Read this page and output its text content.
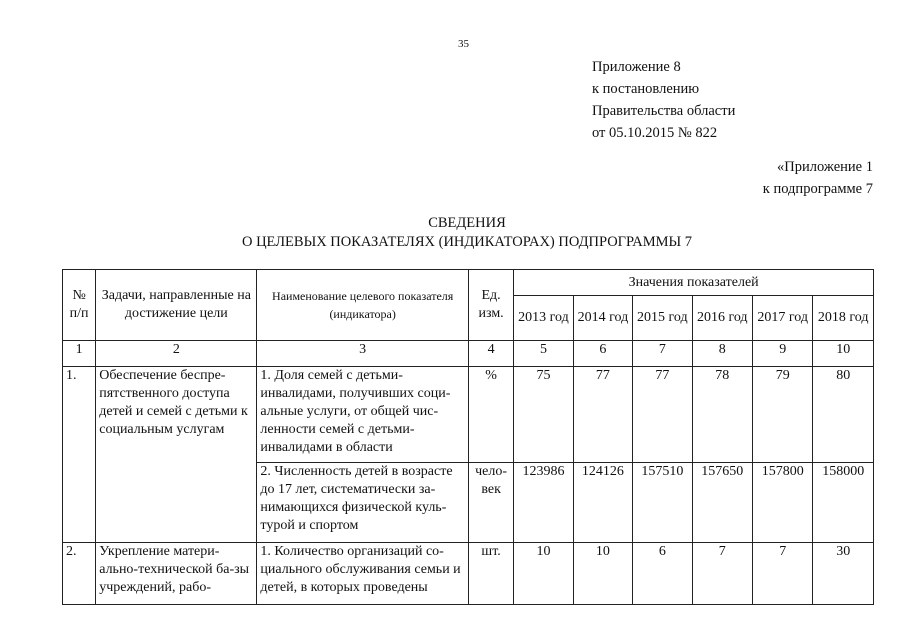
35
Приложение 8
к постановлению
Правительства области
от 05.10.2015 № 822
«Приложение 1
к подпрограмме 7
СВЕДЕНИЯ
О ЦЕЛЕВЫХ ПОКАЗАТЕЛЯХ (ИНДИКАТОРАХ) ПОДПРОГРАММЫ 7
№ п/п	Задачи, направленные на достижение цели	Наименование целевого показателя (индикатора)	Ед. изм.	Значения показателей					
				2013 год	2014 год	2015 год	2016 год	2017 год	2018 год
1	2	3	4	5	6	7	8	9	10
1.	Обеспечение беспре-пятственного доступа детей и семей с детьми к социальным услугам	1. Доля семей с детьми-инвалидами, получивших соци-альные услуги, от общей чис-ленности семей с детьми-инвалидами в области	%	75	77	77	78	79	80
		2. Численность детей в возрасте до 17 лет, систематически за-нимающихся физической куль-турой и спортом	чело-век	123986	124126	157510	157650	157800	158000
2.	Укрепление матери-ально-технической ба-зы учреждений, рабо-	1. Количество организаций со-циального обслуживания семьи и детей, в которых проведены	шт.	10	10	6	7	7	30
